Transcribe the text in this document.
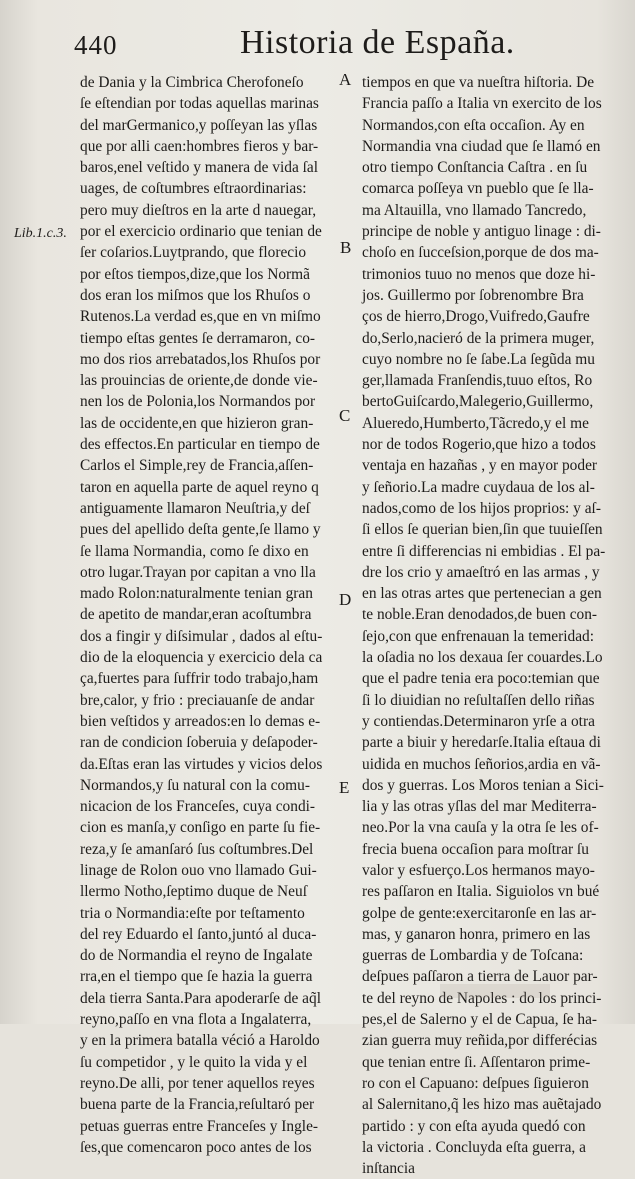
440	Historia de España.
Lib.1.c.3.
A
B
C
D
E
de Dania y la Cimbrica Cherofoneſo
ſe eſtendian por todas aquellas marinas
del marGermanico,y poſſeyan las yſlas
que por alli caen:hombres fieros y bar-
baros,enel veſtido y manera de vida ſal
uages, de coſtumbres eſtraordinarias:
pero muy dieſtros en la arte d naueg​ar,
por el exercicio ordinario que tenian de
ſer coſarios.Luytprando, que florecio
por eſtos tiempos,dize,que los Normã
dos eran los miſmos que los Rhuſos o
Rutenos.La verdad es,que en vn miſmo
tiempo eſtas gentes ſe derramaron, co-
mo dos rios arrebatados,los Rhuſos por
las prouincias de oriente,de donde vie-
nen los de Polonia,los Normandos por
las de occidente,en que hizieron gran-
des effectos.En particular en tiempo de
Carlos el Simple,rey de Francia,aſſen-
taron en aquella parte de aquel reyno q
antiguamente llamaron Neuſtria,y deſ
pues del apellido deſta gente,ſe llamo y
ſe llama Normandia, como ſe dixo en
otro lugar.Trayan por capitan a vno lla
mado Rolon:naturalmente tenian gran
de apetito de mandar,eran acoſtumbra
dos a fingir y diſsimular , dados al eſtu-
dio de la eloquencia y exercicio dela ca
ça,fuertes para ſuffrir todo trabajo,ham
bre,calor, y frio : preciauanſe de andar
bien veſtidos y arreados:en lo demas e-
ran de condicion ſoberuia y deſapoder-
da.Eſtas eran las virtudes y vicios delos
Normandos,y ſu natural con la comu-
nicacion de los Franceſes, cuya condi-
cion es manſa,y conſigo en parte ſu fie-
reza,y ſe amanſaró ſus coſtumbres.Del
linage de Rolon ouo vno llamado Gui-
llermo Notho,ſeptimo duque de Neuſ
tria o Normandia:eſte por teſtamento
del rey Eduardo el ſanto,juntó al duca-
do de Normandia el reyno de Ingalate
rra,en el tiempo que ſe hazia la guerra
dela tierra Santa.Para apoderarſe de aq̃l
reyno,paſſo en vna flota a Ingalaterra,
y en la primera batalla véció a Haroldo
ſu competidor , y le quito la vida y el
reyno.De alli, por tener aquellos reyes
buena parte de la Francia,reſultaró per
petuas guerras entre Franceſes y Ingle-
ſes,que comencaron poco antes de los
tiempos en que va nueſtra hiſtoria. De
Francia paſſo a Italia vn exercito de los
Normandos,con eſta occaſion. Ay en
Normandia vna ciudad que ſe llamó en
otro tiempo Conſtancia Caſtra . en ſu
comarca poſſeya vn pueblo que ſe lla-
ma Altauilla, vno llamado Tancredo,
principe de noble y antiguo linage : di-
choſo en ſucceſsion,porque de dos ma-
trimonios tuuo no menos que doze hi-
jos. Guillermo por ſobrenombre Bra
ços de hierro,Drogo,Vuifredo,Gaufre
do,Serlo,nacieró de la primera muger,
cuyo nombre no ſe ſabe.La ſegũda mu
ger,llamada Franſendis,tuuo eſtos, Ro
bertoGuiſcardo,Malegerio,Guillermo,
Alueredo,Humberto,Tãcredo,y el me
nor de todos Rogerio,que hizo a todos
ventaja en hazañas , y en mayor poder
y ſeñorio.La madre cuydaua de los al-
nados,como de los hijos proprios: y aſ-
ſi ellos ſe querian bien,ſin que tuuieſſen
entre ſi differencias ni embidias . El pa-
dre los crio y amaeſtró en las armas , y
en las otras artes que pertenecian a gen
te noble.Eran denodados,de buen con-
ſejo,con que enfrenauan la temeridad:
la oſadia no los dexaua ſer couardes.Lo
que el padre tenia era poco:temian que
ſi lo diuidian no reſultaſſen dello riñas
y contiendas.Determinaron yrſe a otra
parte a biuir y heredarſe.Italia eſtaua di
uidida en muchos ſeñorios,ardia en vã-
dos y guerras. Los Moros tenian a Sici-
lia y las otras yſlas del mar Mediterra-
neo.Por la vna cauſa y la otra ſe les of-
frecia buena occaſion para moſtrar ſu
valor y esfuerço.Los hermanos mayo-
res paſſaron en Italia. Siguiolos vn bué
golpe de gente:exercitaronſe en las ar-
mas, y ganaron honra, primero en las
guerras de Lombardia y de Toſcana:
deſpues paſſaron a tierra de Lauor par-
te del reyno de Napoles : do los princi-
pes,el de Salerno y el de Capua, ſe ha-
zian guerra muy reñida,por differécias
que tenian entre ſi. Aſſentaron prime-
ro con el Capuano: deſpues ſiguieron
al Salernitano,q̃ les hizo mas auẽtajado
partido : y con eſta ayuda quedó con
la victoria . Concluyda eſta guerra, a
inſtancia
